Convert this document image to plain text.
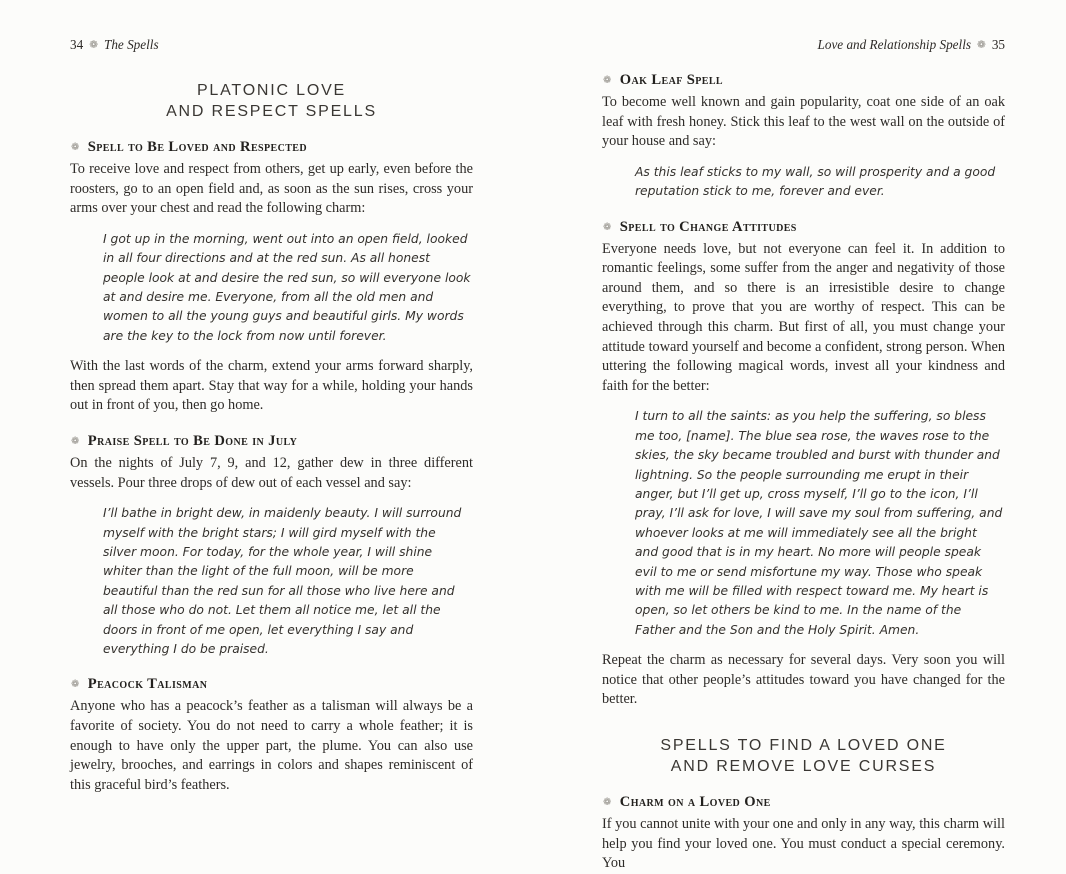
34 ❁ The Spells
PLATONIC LOVE
AND RESPECT SPELLS
❁ Spell to Be Loved and Respected

To receive love and respect from others, get up early, even before the roosters, go to an open field and, as soon as the sun rises, cross your arms over your chest and read the following charm:

I got up in the morning, went out into an open field, looked in all four directions and at the red sun. As all honest people look at and desire the red sun, so will everyone look at and desire me. Everyone, from all the old men and women to all the young guys and beautiful girls. My words are the key to the lock from now until forever.

With the last words of the charm, extend your arms forward sharply, then spread them apart. Stay that way for a while, holding your hands out in front of you, then go home.

❁ Praise Spell to Be Done in July

On the nights of July 7, 9, and 12, gather dew in three different vessels. Pour three drops of dew out of each vessel and say:

I’ll bathe in bright dew, in maidenly beauty. I will surround myself with the bright stars; I will gird myself with the silver moon. For today, for the whole year, I will shine whiter than the light of the full moon, will be more beautiful than the red sun for all those who live here and all those who do not. Let them all notice me, let all the doors in front of me open, let everything I say and everything I do be praised.

❁ Peacock Talisman

Anyone who has a peacock’s feather as a talisman will always be a favorite of society. You do not need to carry a whole feather; it is enough to have only the upper part, the plume. You can also use jewelry, brooches, and earrings in colors and shapes reminiscent of this graceful bird’s feathers.

Love and Relationship Spells ❁ 35
❁ Oak Leaf Spell

To become well known and gain popularity, coat one side of an oak leaf with fresh honey. Stick this leaf to the west wall on the outside of your house and say:

As this leaf sticks to my wall, so will prosperity and a good reputation stick to me, forever and ever.

❁ Spell to Change Attitudes

Everyone needs love, but not everyone can feel it. In addition to romantic feelings, some suffer from the anger and negativity of those around them, and so there is an irresistible desire to change everything, to prove that you are worthy of respect. This can be achieved through this charm. But first of all, you must change your attitude toward yourself and become a confident, strong person. When uttering the following magical words, invest all your kindness and faith for the better:

I turn to all the saints: as you help the suffering, so bless me too, [name]. The blue sea rose, the waves rose to the skies, the sky became troubled and burst with thunder and lightning. So the people surrounding me erupt in their anger, but I’ll get up, cross myself, I’ll go to the icon, I’ll pray, I’ll ask for love, I will save my soul from suffering, and whoever looks at me will immediately see all the bright and good that is in my heart. No more will people speak evil to me or send misfortune my way. Those who speak with me will be filled with respect toward me. My heart is open, so let others be kind to me. In the name of the Father and the Son and the Holy Spirit. Amen.

Repeat the charm as necessary for several days. Very soon you will notice that other people’s attitudes toward you have changed for the better.

SPELLS TO FIND A LOVED ONE
AND REMOVE LOVE CURSES
❁ Charm on a Loved One

If you cannot unite with your one and only in any way, this charm will help you find your loved one. You must conduct a special ceremony. You
